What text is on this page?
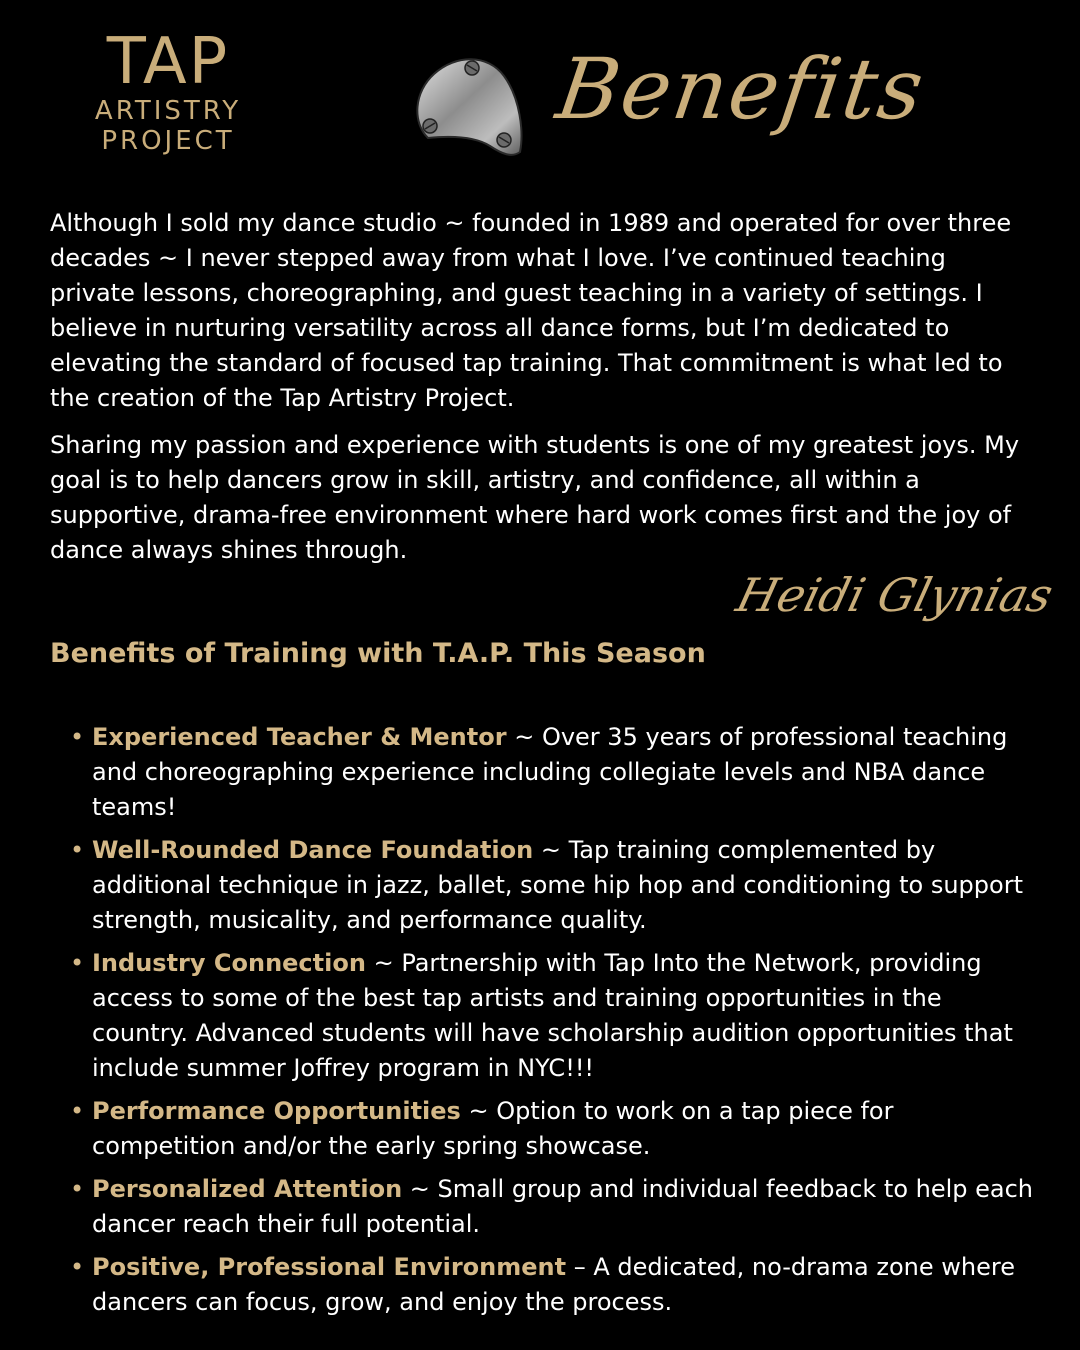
TAP
ARTISTRY
PROJECT
Benefits

Although I sold my dance studio ~ founded in 1989 and operated for over three decades ~ I never stepped away from what I love. I’ve continued teaching private lessons, choreographing, and guest teaching in a variety of settings. I believe in nurturing versatility across all dance forms, but I’m dedicated to elevating the standard of focused tap training. That commitment is what led to the creation of the Tap Artistry Project.

Sharing my passion and experience with students is one of my greatest joys. My goal is to help dancers grow in skill, artistry, and confidence, all within a supportive, drama-free environment where hard work comes first and the joy of dance always shines through.

Heidi Glynias
Benefits of Training with T.A.P. This Season
• Experienced Teacher & Mentor ~ Over 35 years of professional teaching and choreographing experience including collegiate levels and NBA dance teams!
• Well-Rounded Dance Foundation ~ Tap training complemented by additional technique in jazz, ballet, some hip hop and conditioning to support strength, musicality, and performance quality.
• Industry Connection ~ Partnership with Tap Into the Network, providing access to some of the best tap artists and training opportunities in the country. Advanced students will have scholarship audition opportunities that include summer Joffrey program in NYC!!!
• Performance Opportunities ~ Option to work on a tap piece for competition and/or the early spring showcase.
• Personalized Attention ~ Small group and individual feedback to help each dancer reach their full potential.
• Positive, Professional Environment – A dedicated, no-drama zone where dancers can focus, grow, and enjoy the process.
